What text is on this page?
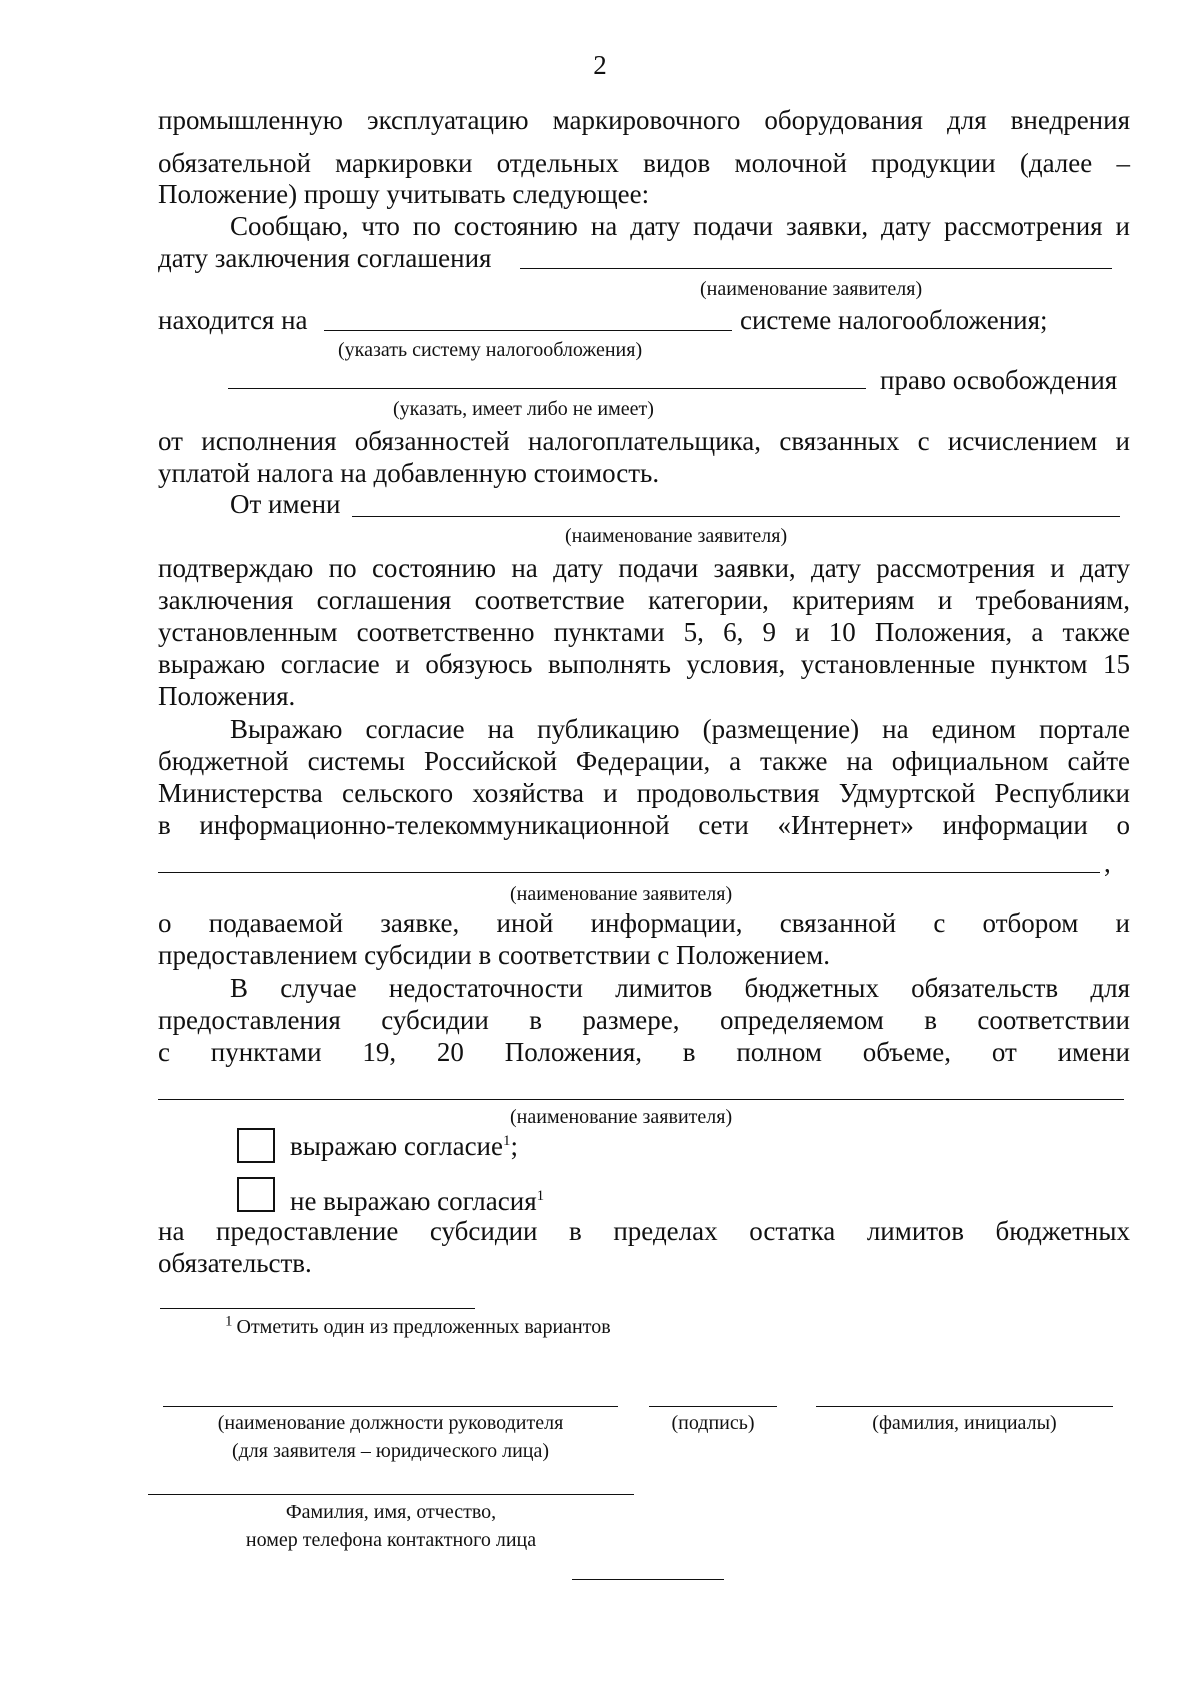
2
промышленную эксплуатацию маркировочного оборудования для внедрения
обязательной маркировки отдельных видов молочной продукции (далее –
Положение) прошу учитывать следующее:
Сообщаю, что по состоянию на дату подачи заявки, дату рассмотрения и
дату заключения соглашения
(наименование заявителя)
находится на	системе налогообложения;
(указать систему налогообложения)
право освобождения
(указать, имеет либо не имеет)
от исполнения обязанностей налогоплательщика, связанных с исчислением и
уплатой налога на добавленную стоимость.
От имени
(наименование заявителя)
подтверждаю по состоянию на дату подачи заявки, дату рассмотрения и дату
заключения соглашения соответствие категории, критериям и требованиям,
установленным соответственно пунктами 5, 6, 9 и 10 Положения, а также
выражаю согласие и обязуюсь выполнять условия, установленные пунктом 15
Положения.
Выражаю согласие на публикацию (размещение) на едином портале
бюджетной системы Российской Федерации, а также на официальном сайте
Министерства сельского хозяйства и продовольствия Удмуртской Республики
в информационно-телекоммуникационной сети «Интернет» информации о
,
(наименование заявителя)
о подаваемой заявке, иной информации, связанной с отбором и
предоставлением субсидии в соответствии с Положением.
В случае недостаточности лимитов бюджетных обязательств для
предоставления субсидии в размере, определяемом в соответствии
с пунктами 19, 20 Положения, в полном объеме, от имени
(наименование заявителя)
выражаю согласие$^1$;
не выражаю согласия$^1$
на предоставление субсидии в пределах остатка лимитов бюджетных
обязательств.
$^1$ Отметить один из предложенных вариантов
(наименование должности руководителя
(для заявителя – юридического лица)
(подпись)	(фамилия, инициалы)
Фамилия, имя, отчество,
номер телефона контактного лица
